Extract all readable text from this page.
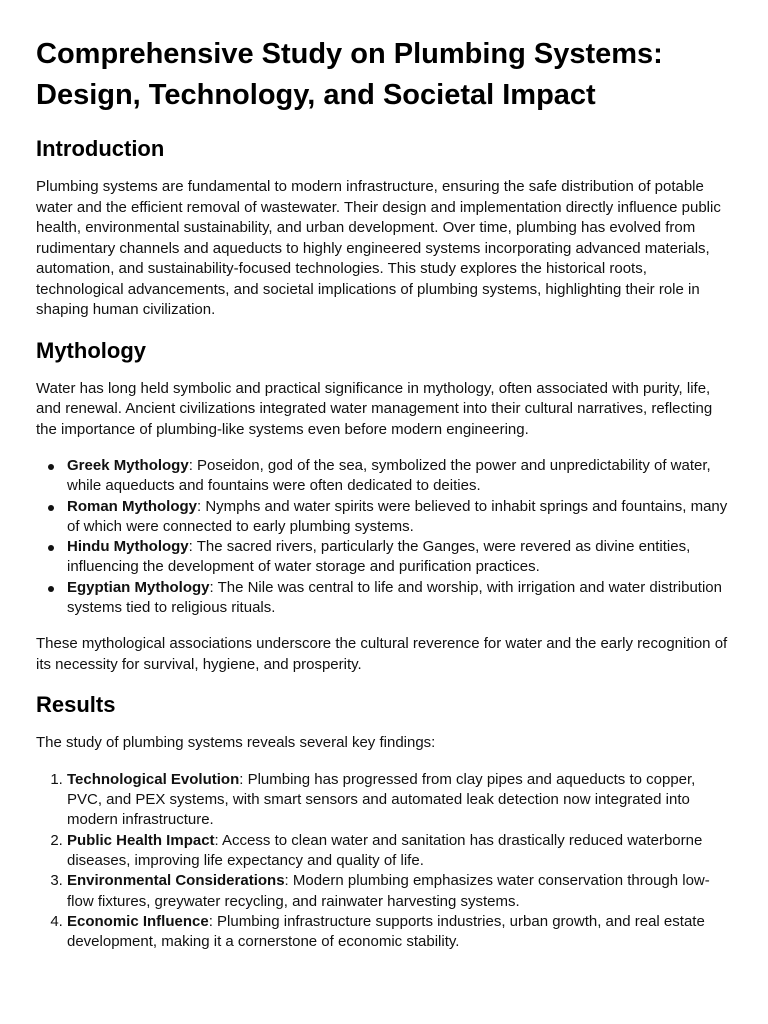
Comprehensive Study on Plumbing Systems: Design, Technology, and Societal Impact
Introduction

Plumbing systems are fundamental to modern infrastructure, ensuring the safe distribution of potable water and the efficient removal of wastewater. Their design and implementation directly influence public health, environmental sustainability, and urban development. Over time, plumbing has evolved from rudimentary channels and aqueducts to highly engineered systems incorporating advanced materials, automation, and sustainability-focused technologies. This study explores the historical roots, technological advancements, and societal implications of plumbing systems, highlighting their role in shaping human civilization.

Mythology

Water has long held symbolic and practical significance in mythology, often associated with purity, life, and renewal. Ancient civilizations integrated water management into their cultural narratives, reflecting the importance of plumbing-like systems even before modern engineering.

Greek Mythology: Poseidon, god of the sea, symbolized the power and unpredictability of water, while aqueducts and fountains were often dedicated to deities.
Roman Mythology: Nymphs and water spirits were believed to inhabit springs and fountains, many of which were connected to early plumbing systems.
Hindu Mythology: The sacred rivers, particularly the Ganges, were revered as divine entities, influencing the development of water storage and purification practices.
Egyptian Mythology: The Nile was central to life and worship, with irrigation and water distribution systems tied to religious rituals.

These mythological associations underscore the cultural reverence for water and the early recognition of its necessity for survival, hygiene, and prosperity.

Results

The study of plumbing systems reveals several key findings:

1. Technological Evolution: Plumbing has progressed from clay pipes and aqueducts to copper, PVC, and PEX systems, with smart sensors and automated leak detection now integrated into modern infrastructure.
2. Public Health Impact: Access to clean water and sanitation has drastically reduced waterborne diseases, improving life expectancy and quality of life.
3. Environmental Considerations: Modern plumbing emphasizes water conservation through low-flow fixtures, greywater recycling, and rainwater harvesting systems.
4. Economic Influence: Plumbing infrastructure supports industries, urban growth, and real estate development, making it a cornerstone of economic stability.
